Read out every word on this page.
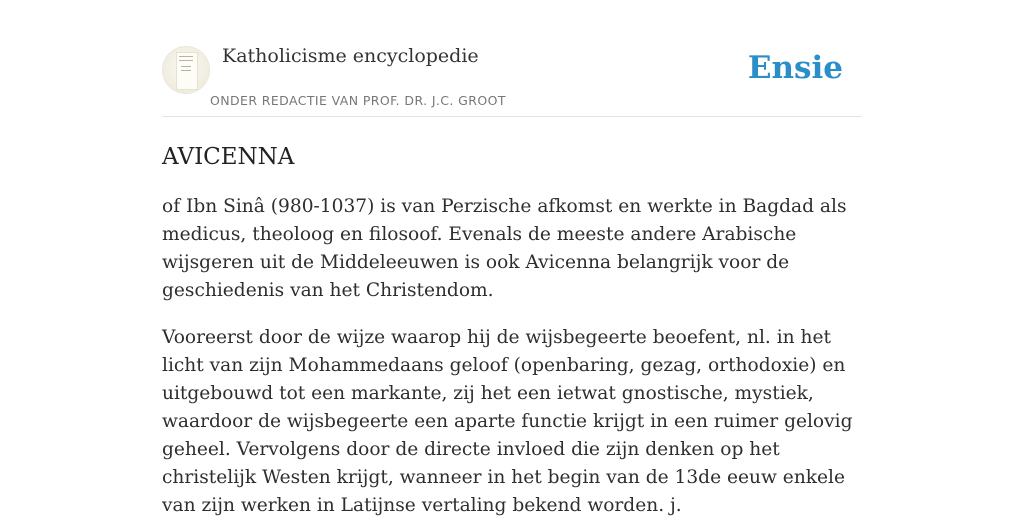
Katholicisme encyclopedie
ONDER REDACTIE VAN PROF. DR. J.C. GROOT
Ensie
AVICENNA

of Ibn Sinâ (980-1037) is van Perzische afkomst en werkte in Bagdad als medicus, theoloog en filosoof. Evenals de meeste andere Arabische wijsgeren uit de Middeleeuwen is ook Avicenna belangrijk voor de geschiedenis van het Christendom.

Vooreerst door de wijze waarop hij de wijsbegeerte beoefent, nl. in het licht van zijn Mohammedaans geloof (openbaring, gezag, orthodoxie) en uitgebouwd tot een markante, zij het een ietwat gnostische, mystiek, waardoor de wijsbegeerte een aparte functie krijgt in een ruimer gelovig geheel. Vervolgens door de directe invloed die zijn denken op het christelijk Westen krijgt, wanneer in het begin van de 13de eeuw enkele van zijn werken in Latijnse vertaling bekend worden. j.
